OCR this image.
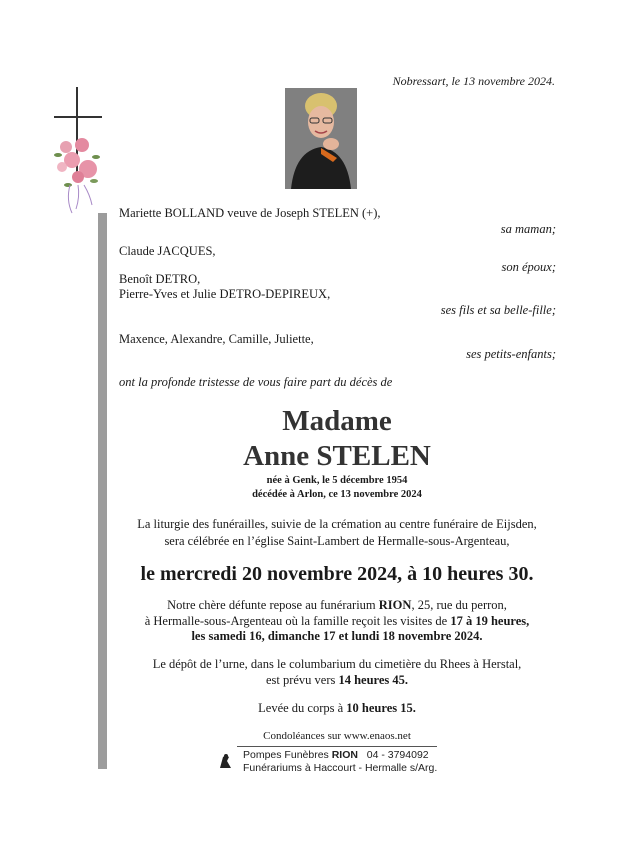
Nobressart, le 13 novembre 2024.
Mariette BOLLAND veuve de Joseph STELEN (+),
sa maman;
Claude JACQUES,
son époux;
Benoît DETRO,
Pierre-Yves et Julie DETRO-DEPIREUX,
ses fils et sa belle-fille;
Maxence, Alexandre, Camille, Juliette,
ses petits-enfants;
ont la profonde tristesse de vous faire part du décès de
Madame
Anne STELEN
née à Genk, le 5 décembre 1954
décédée à Arlon, ce 13 novembre 2024
La liturgie des funérailles, suivie de la crémation au centre funéraire de Eijsden,
sera célébrée en l’église Saint-Lambert de Hermalle-sous-Argenteau,
le mercredi 20 novembre 2024, à 10 heures 30.
Notre chère défunte repose au funérarium RION, 25, rue du perron,
à Hermalle-sous-Argenteau où la famille reçoit les visites de 17 à 19 heures,
les samedi 16, dimanche 17 et lundi 18 novembre 2024.
Le dépôt de l’urne, dans le columbarium du cimetière du Rhees à Herstal,
est prévu vers 14 heures 45.
Levée du corps à 10 heures 15.
Condoléances sur www.enaos.net
Pompes Funèbres RION 04 - 3794092
Funérariums à Haccourt - Hermalle s/Arg.
